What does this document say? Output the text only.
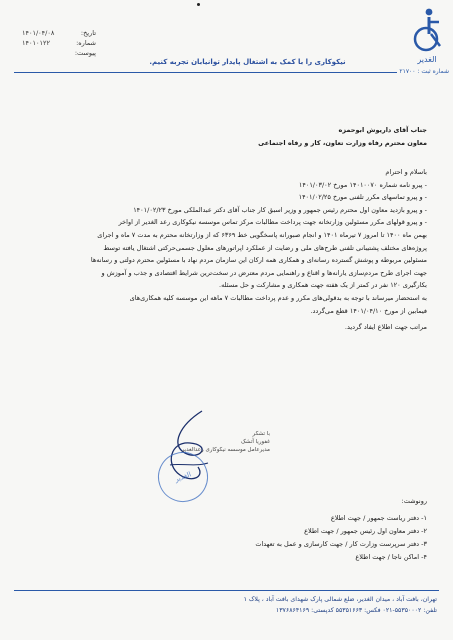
الغدیر
شماره ثبت : ۲۱۷۰۰
تاریخ:
۱۴۰۱/۰۴/۰۸
شماره:
۱۴۰۱۰۱۲۲
پیوست:
نیکوکاری را با کمک به اشتغال پایدار توانیابان تجربه کنیم.
جناب آقای داریوش ابوحمزه
معاون محترم رفاه وزارت تعاون، کار و رفاه اجتماعی
باسلام و احترام
- پیرو نامه شماره ۱۴۰۱۰۰۷۰ مورخ ۱۴۰۱/۰۳/۰۲
- و پیرو تماسهای مکرر تلفنی مورخ ۱۴۰۱/۰۲/۲۵
- و پیرو بازدید معاون اول محترم رئیس جمهور و وزیر اسبق کار جناب آقای دکتر عبدالملکی مورخ ۱۴۰۱/۰۲/۲۳
- و پیرو قولهای مکرر مسئولین وزارتخانه جهت پرداخت مطالبات مرکز تماس موسسه نیکوکاری رعد الغدیر از اواخر
بهمن ماه ۱۴۰۰ تا امروز ۷ تیرماه ۱۴۰۱ و انجام صبورانه پاسخگویی خط ۶۳۶۹ که از وزارتخانه محترم به مدت ۷ ماه و اجرای
پروژه‌های مختلف پشتیبانی تلفنی طرح‌های ملی و رضایت از عملکرد اپراتورهای معلول جسمی‌حرکتی اشتغال یافته توسط
مسئولین مربوطه و پوشش گسترده رسانه‌ای و همکاری همه ارکان این سازمان مردم نهاد با مسئولین محترم دولتی و رسانه‌ها
جهت اجرای طرح مردم‌سازی یارانه‌ها و اقناع و راهنمایی مردم معترض در سخت‌ترین شرایط اقتصادی و جذب و آموزش و
بکارگیری ۱۲۰ نفر در کمتر از یک هفته جهت همکاری و مشارکت و حل مسئله.
به استحضار میرساند با توجه به بدقولی‌های مکرر و عدم پرداخت مطالبات ۷ ماهه این موسسه کلیه همکاری‌های
فیمابین از مورخ ۱۴۰۱/۰۴/۱۰ قطع می‌گردد.
مراتب جهت اطلاع ایفاد گردید.
با تشکر
غفوریا آتشک
مدیرعامل موسسه نیکوکاری رعدالغدیر
الغدیر
رونوشت:
۱- دفتر ریاست جمهور / جهت اطلاع
۲- دفتر معاون اول رئیس جمهور / جهت اطلاع
۳- دفتر سرپرست وزارت کار / جهت کارسازی و عمل به تعهدات
۴- اماکن ناجا / جهت اطلاع
تهران، بافت آباد ، میدان الغدیر، ضلع شمالی پارک شهدای بافت آباد ، پلاک ۱
تلفن: ۵۵۳۵۰۰۰۲-۰۲۱ فکس: ۵۵۳۵۱۶۶۳ کدپستی: ۱۳۷۶۸۶۴۱۶۹
